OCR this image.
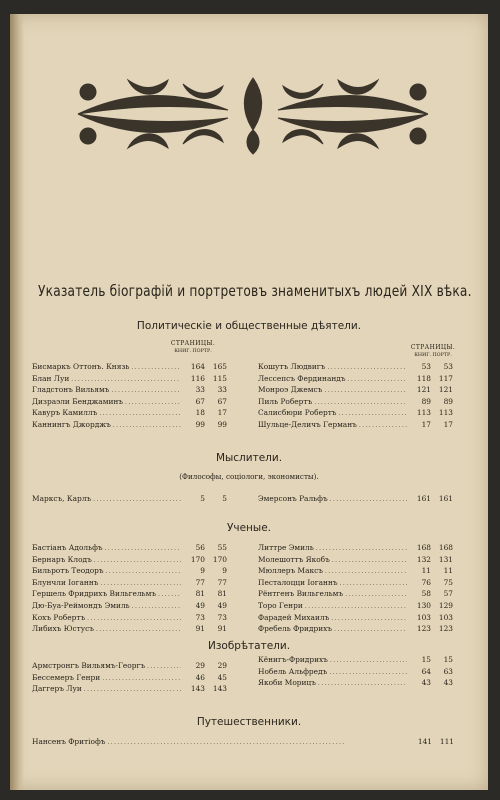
Указатель біографій и портретовъ знаменитыхъ людей XIX вѣка.
Политическіе и общественные дѣятели.
СТРАНИЦЫ.
КНИГ. ПОРТР.
СТРАНИЦЫ.
КНИГ. ПОРТР.
Бисмаркъ Оттонъ. Князь .....	164	165
Блан Луи .....	116	115
Гладстонъ Вильямъ .....	33	33
Дизраэли Бенджаминъ .....	67	67
Кавуръ Камиллъ .....	18	17
Каннингъ Джорджъ .....	99	99
Кошутъ Людвигъ .....	53	53
Лессепсъ Фердинандъ .....	118	117
Монроэ Джемсъ .....	121	121
Пиль Робертъ .....	89	89
Салисбюри Робертъ .....	113	113
Шульце-Деличъ Германъ .....	17	17
Мыслители.
(Философы, соціологи, экономисты).
Марксъ, Карлъ .....	5	5	Эмерсонъ Ральфъ .....	161	161
Ученые.
Бастіанъ Адольфъ .....	56	55
Бернаръ Клодъ .....	170	170
Бильротъ Теодоръ .....	9	9
Блунчли Іоганнъ .....	77	77
Гершель Фридрихъ Вильгельмъ .....	81	81
Дю-Буа-Реймондъ Эмиль .....	49	49
Кохъ Робертъ .....	73	73
Либихъ Юстусъ .....	91	91
Литтре Эмиль .....	168	168
Молешоттъ Якобъ .....	132	131
Мюллеръ Максъ .....	11	11
Песталоцци Іоганнъ .....	76	75
Рёнтгенъ Вильгельмъ .....	58	57
Торо Генри .....	130	129
Фарадей Михаилъ .....	103	103
Фребель Фридрихъ .....	123	123
Изобрѣтатели.
Армстронгъ Вильямъ-Георгъ .....	29	29
Бессемеръ Генри .....	46	45
Даггеръ Луи .....	143	143
Кёнигъ-Фридрихъ .....	15	15
Нобель Альфредъ .....	64	63
Якоби Морицъ .....	43	43
Путешественники.
Нансенъ Фритіофъ .....	141	111
